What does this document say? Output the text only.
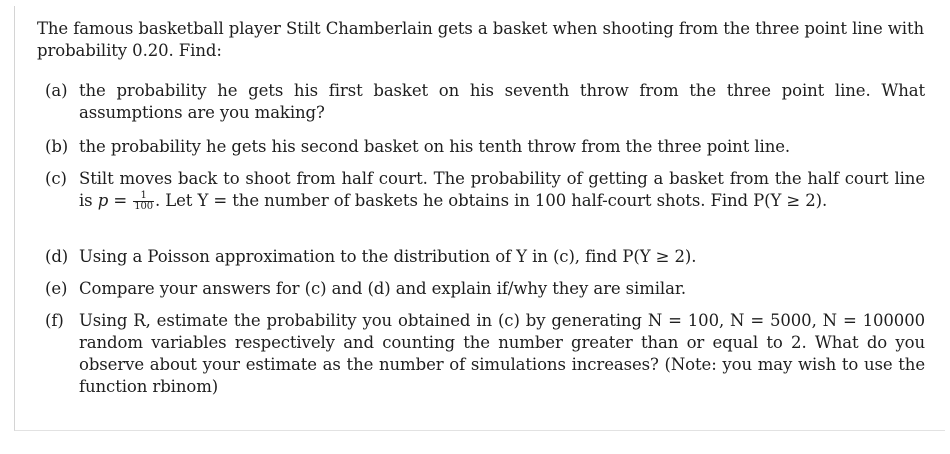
The famous basketball player Stilt Chamberlain gets a basket when shooting from the three point line with probability 0.20. Find:

(a) the probability he gets his first basket on his seventh throw from the three point line. What assumptions are you making?
(b) the probability he gets his second basket on his tenth throw from the three point line.
(c) Stilt moves back to shoot from half court. The probability of getting a basket from the half court line is $p = \frac{1}{100}$ . Let Y = the number of baskets he obtains in 100 half-court shots. Find P(Y ≥ 2).
(d) Using a Poisson approximation to the distribution of Y in (c), find P(Y ≥ 2).
(e) Compare your answers for (c) and (d) and explain if/why they are similar.
(f) Using R, estimate the probability you obtained in (c) by generating N = 100, N = 5000, N = 100000 random variables respectively and counting the number greater than or equal to 2. What do you observe about your estimate as the number of simulations increases? (Note: you may wish to use the function rbinom)
